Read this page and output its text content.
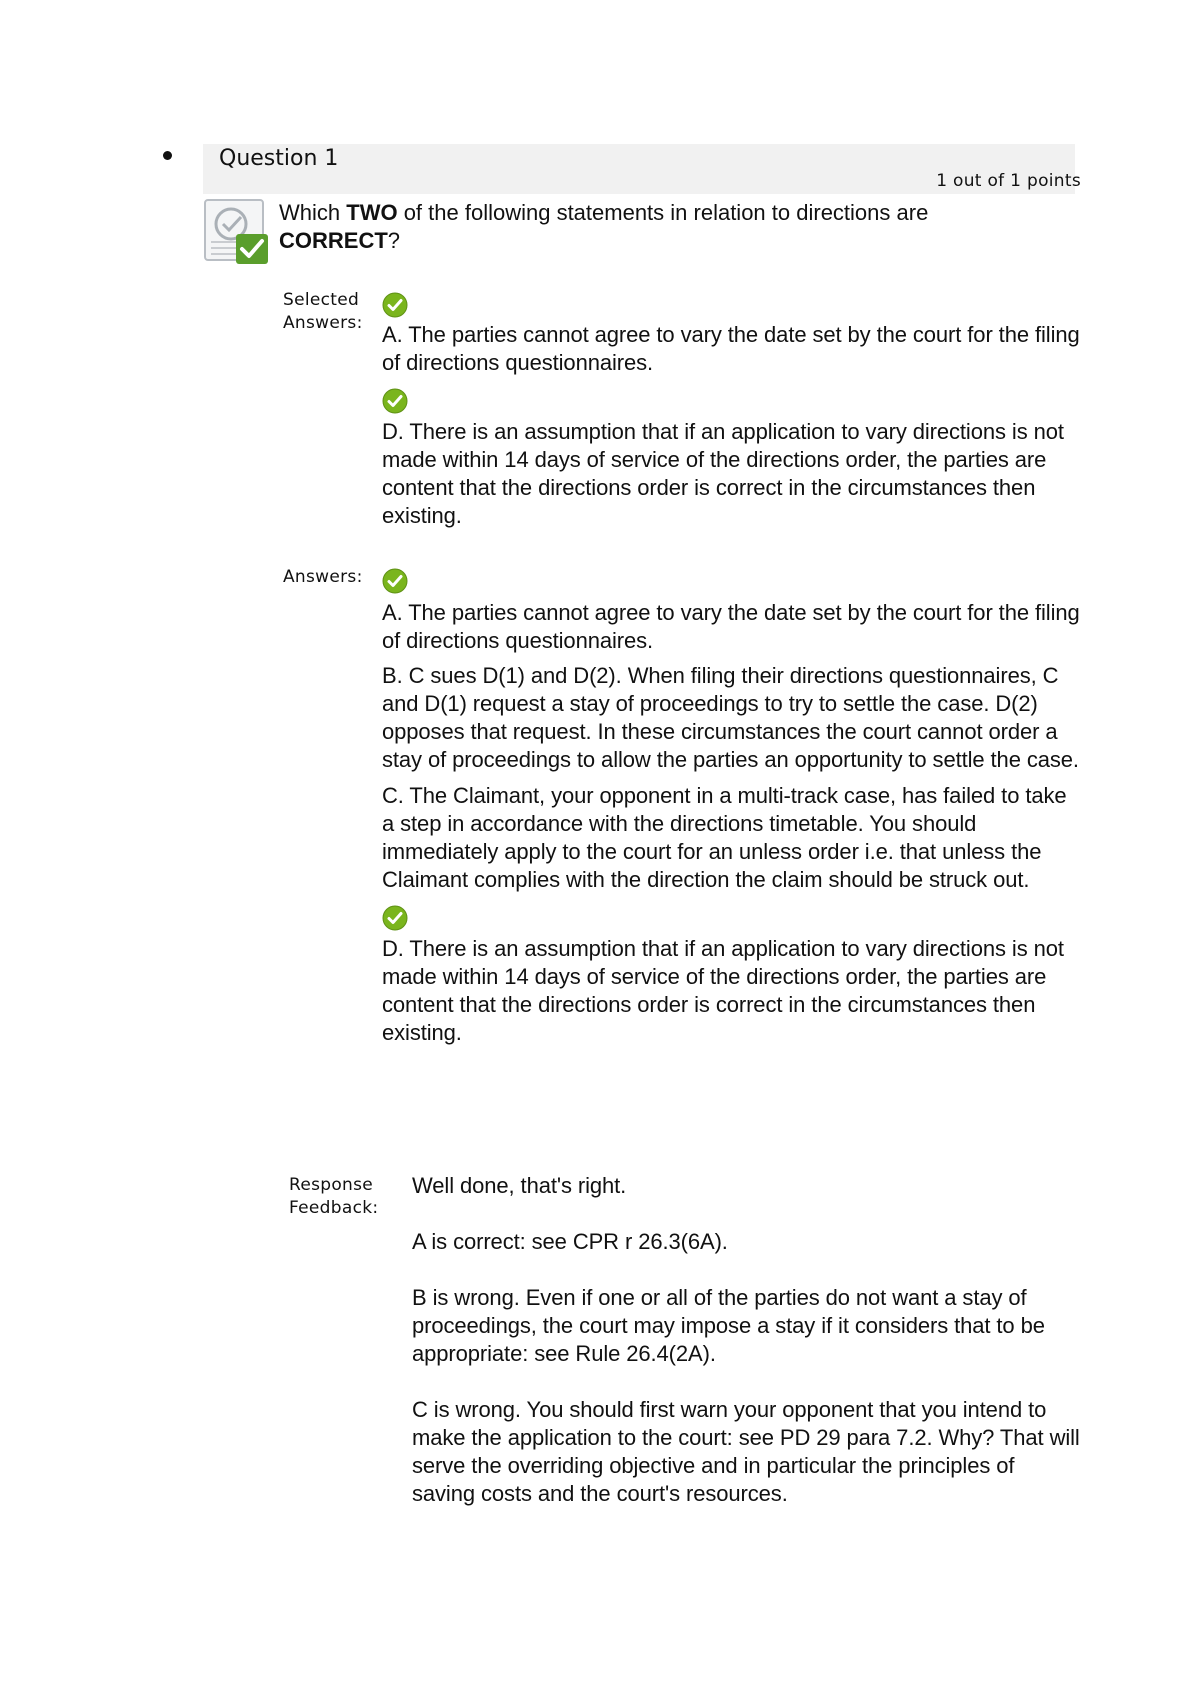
Question 1
1 out of 1 points
Which TWO of the following statements in relation to directions are CORRECT?
Selected
Answers: A. The parties cannot agree to vary the date set by the court for the filing of directions questionnaires.

D. There is an assumption that if an application to vary directions is not made within 14 days of service of the directions order, the parties are content that the directions order is correct in the circumstances then existing.

Answers:

A. The parties cannot agree to vary the date set by the court for the filing of directions questionnaires.

B. C sues D(1) and D(2). When filing their directions questionnaires, C and D(1) request a stay of proceedings to try to settle the case. D(2) opposes that request. In these circumstances the court cannot order a stay of proceedings to allow the parties an opportunity to settle the case.

C. The Claimant, your opponent in a multi-track case, has failed to take a step in accordance with the directions timetable. You should immediately apply to the court for an unless order i.e. that unless the Claimant complies with the direction the claim should be struck out.

D. There is an assumption that if an application to vary directions is not made within 14 days of service of the directions order, the parties are content that the directions order is correct in the circumstances then existing.

Response
Feedback:

Well done, that's right.

A is correct: see CPR r 26.3(6A).

B is wrong. Even if one or all of the parties do not want a stay of proceedings, the court may impose a stay if it considers that to be appropriate: see Rule 26.4(2A).

C is wrong. You should first warn your opponent that you intend to make the application to the court: see PD 29 para 7.2. Why? That will serve the overriding objective and in particular the principles of saving costs and the court's resources.
